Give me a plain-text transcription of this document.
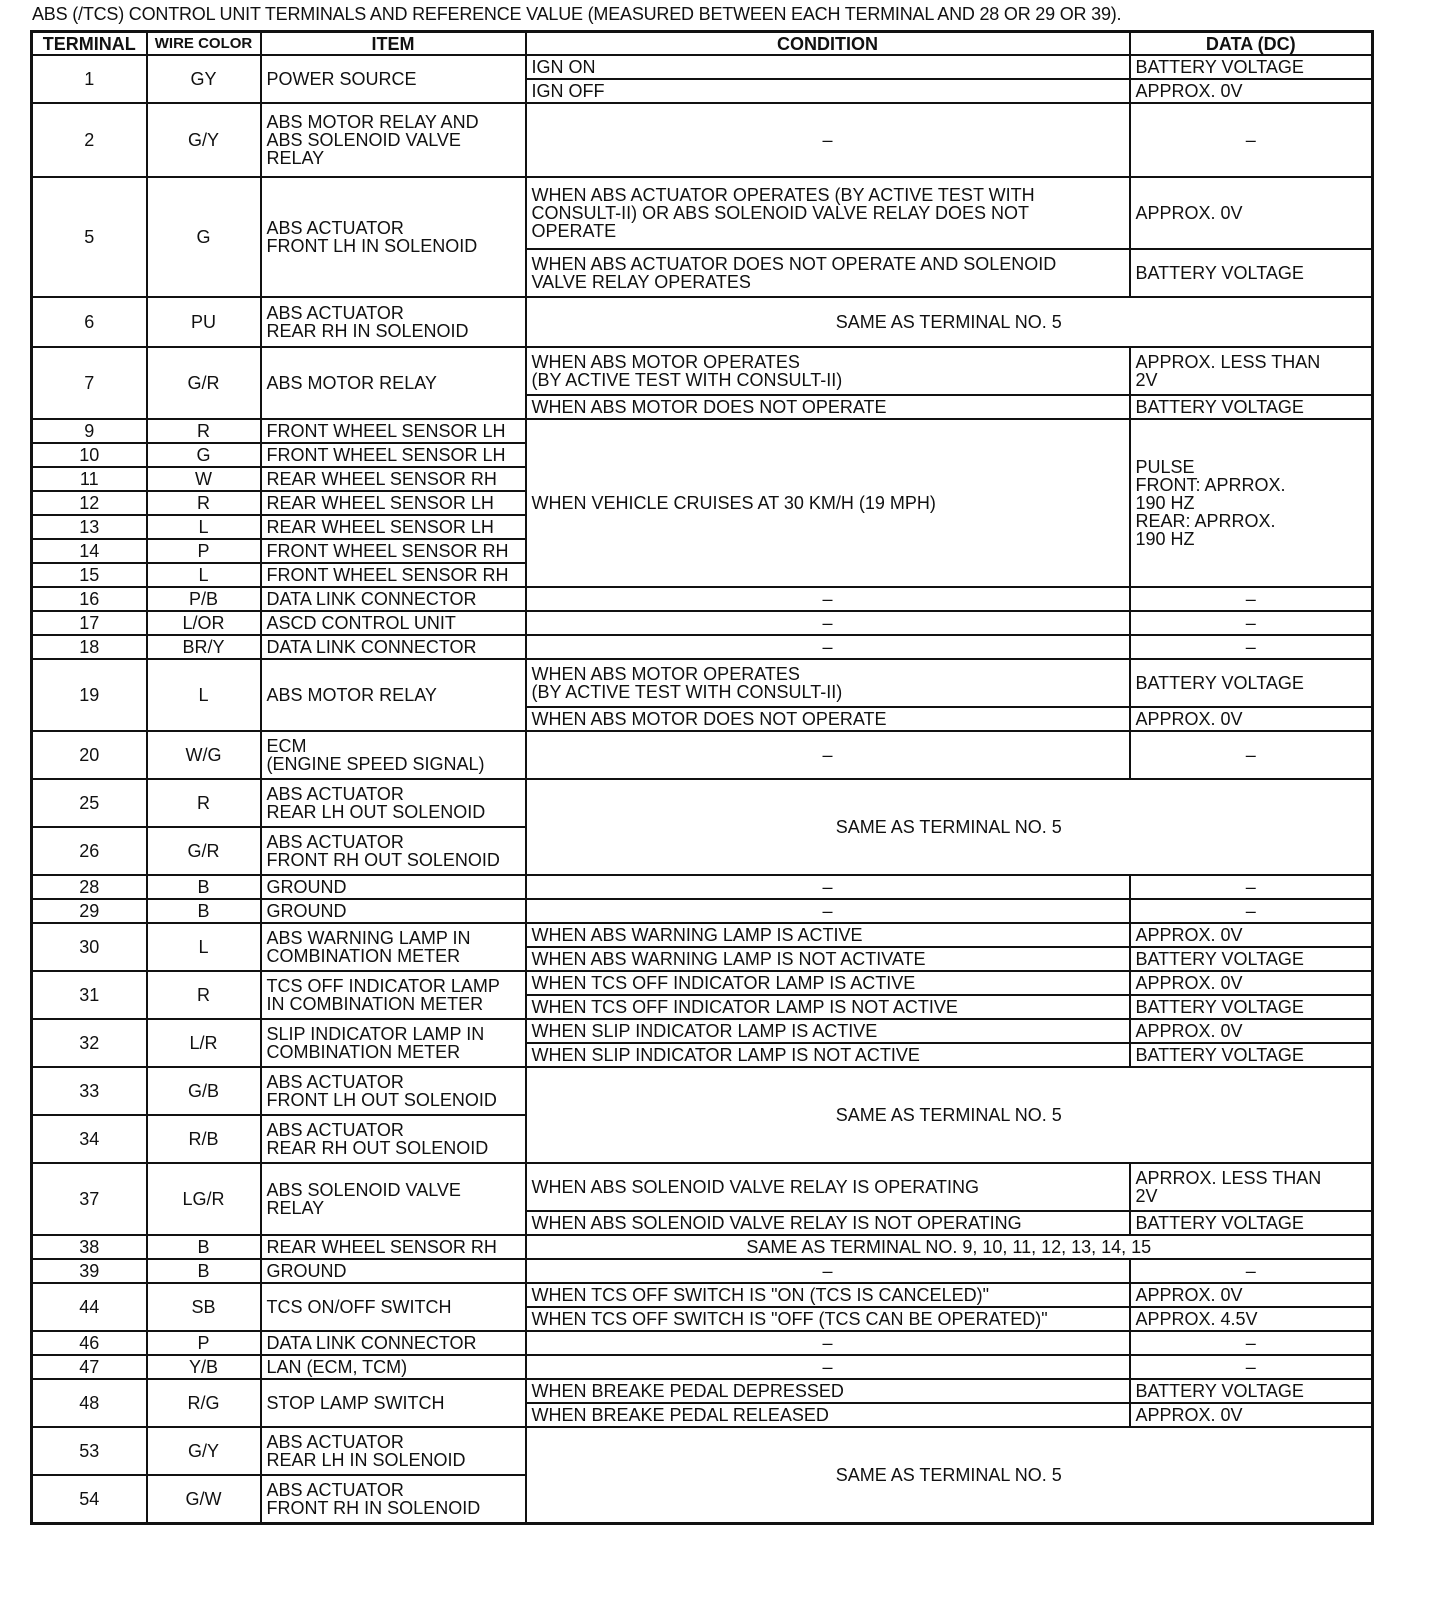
ABS (/TCS) CONTROL UNIT TERMINALS AND REFERENCE VALUE (MEASURED BETWEEN EACH TERMINAL AND 28 OR 29 OR 39).
TERMINAL	WIRE COLOR	ITEM	CONDITION	DATA (DC)
1	GY	POWER SOURCE	IGN ON	BATTERY VOLTAGE
			IGN OFF	APPROX. 0V
2	G/Y	ABS MOTOR RELAY AND
ABS SOLENOID VALVE
RELAY	–	–
5	G	ABS ACTUATOR
FRONT LH IN SOLENOID	WHEN ABS ACTUATOR OPERATES (BY ACTIVE TEST WITH
CONSULT-II) OR ABS SOLENOID VALVE RELAY DOES NOT
OPERATE	APPROX. 0V
			WHEN ABS ACTUATOR DOES NOT OPERATE AND SOLENOID
VALVE RELAY OPERATES	BATTERY VOLTAGE
6	PU	ABS ACTUATOR
REAR RH IN SOLENOID	SAME AS TERMINAL NO. 5	
7	G/R	ABS MOTOR RELAY	WHEN ABS MOTOR OPERATES
(BY ACTIVE TEST WITH CONSULT-II)	APPROX. LESS THAN
2V
			WHEN ABS MOTOR DOES NOT OPERATE	BATTERY VOLTAGE
9	R	FRONT WHEEL SENSOR LH	WHEN VEHICLE CRUISES AT 30 KM/H (19 MPH)	PULSE
FRONT: APRROX.
190 HZ
REAR: APRROX.
190 HZ
10	G	FRONT WHEEL SENSOR LH		
11	W	REAR WHEEL SENSOR RH		
12	R	REAR WHEEL SENSOR LH		
13	L	REAR WHEEL SENSOR LH		
14	P	FRONT WHEEL SENSOR RH		
15	L	FRONT WHEEL SENSOR RH		
16	P/B	DATA LINK CONNECTOR	–	–
17	L/OR	ASCD CONTROL UNIT	–	–
18	BR/Y	DATA LINK CONNECTOR	–	–
19	L	ABS MOTOR RELAY	WHEN ABS MOTOR OPERATES
(BY ACTIVE TEST WITH CONSULT-II)	BATTERY VOLTAGE
			WHEN ABS MOTOR DOES NOT OPERATE	APPROX. 0V
20	W/G	ECM
(ENGINE SPEED SIGNAL)	–	–
25	R	ABS ACTUATOR
REAR LH OUT SOLENOID	SAME AS TERMINAL NO. 5	
26	G/R	ABS ACTUATOR
FRONT RH OUT SOLENOID		
28	B	GROUND	–	–
29	B	GROUND	–	–
30	L	ABS WARNING LAMP IN
COMBINATION METER	WHEN ABS WARNING LAMP IS ACTIVE	APPROX. 0V
			WHEN ABS WARNING LAMP IS NOT ACTIVATE	BATTERY VOLTAGE
31	R	TCS OFF INDICATOR LAMP
IN COMBINATION METER	WHEN TCS OFF INDICATOR LAMP IS ACTIVE	APPROX. 0V
			WHEN TCS OFF INDICATOR LAMP IS NOT ACTIVE	BATTERY VOLTAGE
32	L/R	SLIP INDICATOR LAMP IN
COMBINATION METER	WHEN SLIP INDICATOR LAMP IS ACTIVE	APPROX. 0V
			WHEN SLIP INDICATOR LAMP IS NOT ACTIVE	BATTERY VOLTAGE
33	G/B	ABS ACTUATOR
FRONT LH OUT SOLENOID	SAME AS TERMINAL NO. 5	
34	R/B	ABS ACTUATOR
REAR RH OUT SOLENOID		
37	LG/R	ABS SOLENOID VALVE
RELAY	WHEN ABS SOLENOID VALVE RELAY IS OPERATING	APRROX. LESS THAN
2V
			WHEN ABS SOLENOID VALVE RELAY IS NOT OPERATING	BATTERY VOLTAGE
38	B	REAR WHEEL SENSOR RH	SAME AS TERMINAL NO. 9, 10, 11, 12, 13, 14, 15	
39	B	GROUND	–	–
44	SB	TCS ON/OFF SWITCH	WHEN TCS OFF SWITCH IS "ON (TCS IS CANCELED)"	APPROX. 0V
			WHEN TCS OFF SWITCH IS "OFF (TCS CAN BE OPERATED)"	APPROX. 4.5V
46	P	DATA LINK CONNECTOR	–	–
47	Y/B	LAN (ECM, TCM)	–	–
48	R/G	STOP LAMP SWITCH	WHEN BREAKE PEDAL DEPRESSED	BATTERY VOLTAGE
			WHEN BREAKE PEDAL RELEASED	APPROX. 0V
53	G/Y	ABS ACTUATOR
REAR LH IN SOLENOID	SAME AS TERMINAL NO. 5	
54	G/W	ABS ACTUATOR
FRONT RH IN SOLENOID		
